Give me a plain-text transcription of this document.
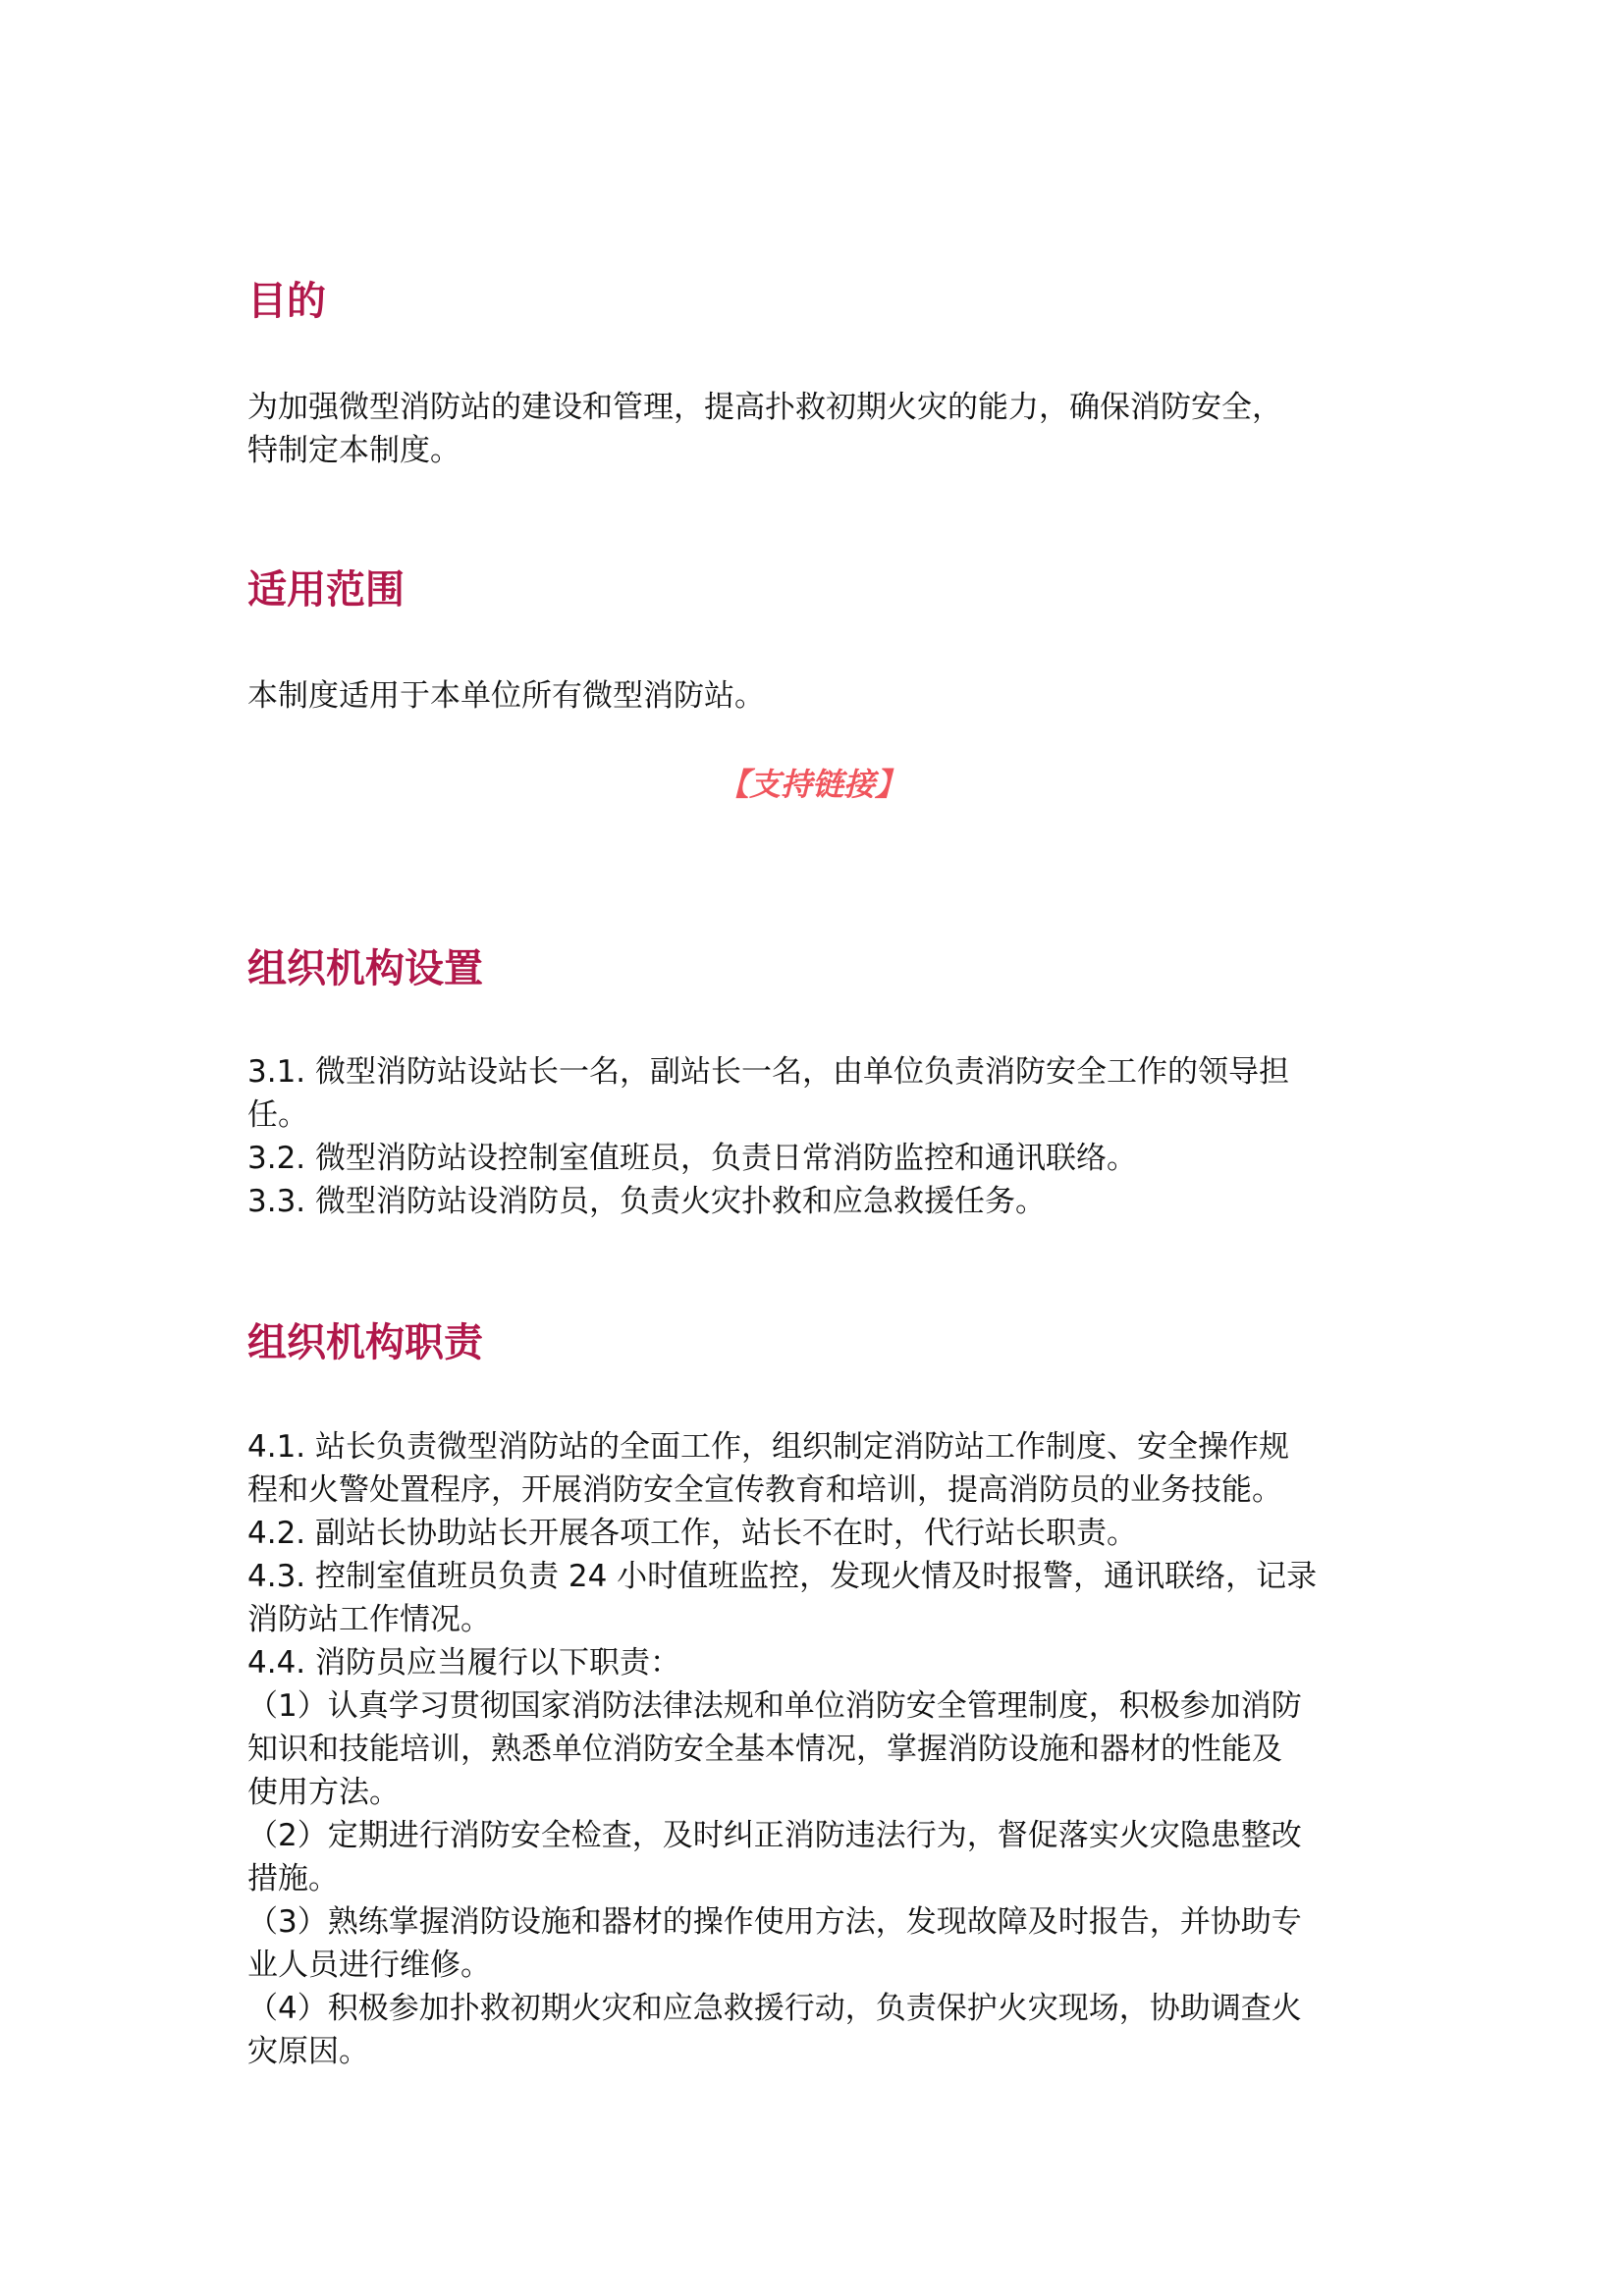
目的
为加强微型消防站的建设和管理，提高扑救初期火灾的能力，确保消防安全，
特制定本制度。
适用范围
本制度适用于本单位所有微型消防站。
【支持链接】
组织机构设置
3.1. 微型消防站设站长一名，副站长一名，由单位负责消防安全工作的领导担
任。
3.2. 微型消防站设控制室值班员，负责日常消防监控和通讯联络。
3.3. 微型消防站设消防员，负责火灾扑救和应急救援任务。
组织机构职责
4.1. 站长负责微型消防站的全面工作，组织制定消防站工作制度、安全操作规
程和火警处置程序，开展消防安全宣传教育和培训，提高消防员的业务技能。
4.2. 副站长协助站长开展各项工作，站长不在时，代行站长职责。
4.3. 控制室值班员负责 24 小时值班监控，发现火情及时报警，通讯联络，记录
消防站工作情况。
4.4. 消防员应当履行以下职责：
（1）认真学习贯彻国家消防法律法规和单位消防安全管理制度，积极参加消防
知识和技能培训，熟悉单位消防安全基本情况，掌握消防设施和器材的性能及
使用方法。
（2）定期进行消防安全检查，及时纠正消防违法行为，督促落实火灾隐患整改
措施。
（3）熟练掌握消防设施和器材的操作使用方法，发现故障及时报告，并协助专
业人员进行维修。
（4）积极参加扑救初期火灾和应急救援行动，负责保护火灾现场，协助调查火
灾原因。
